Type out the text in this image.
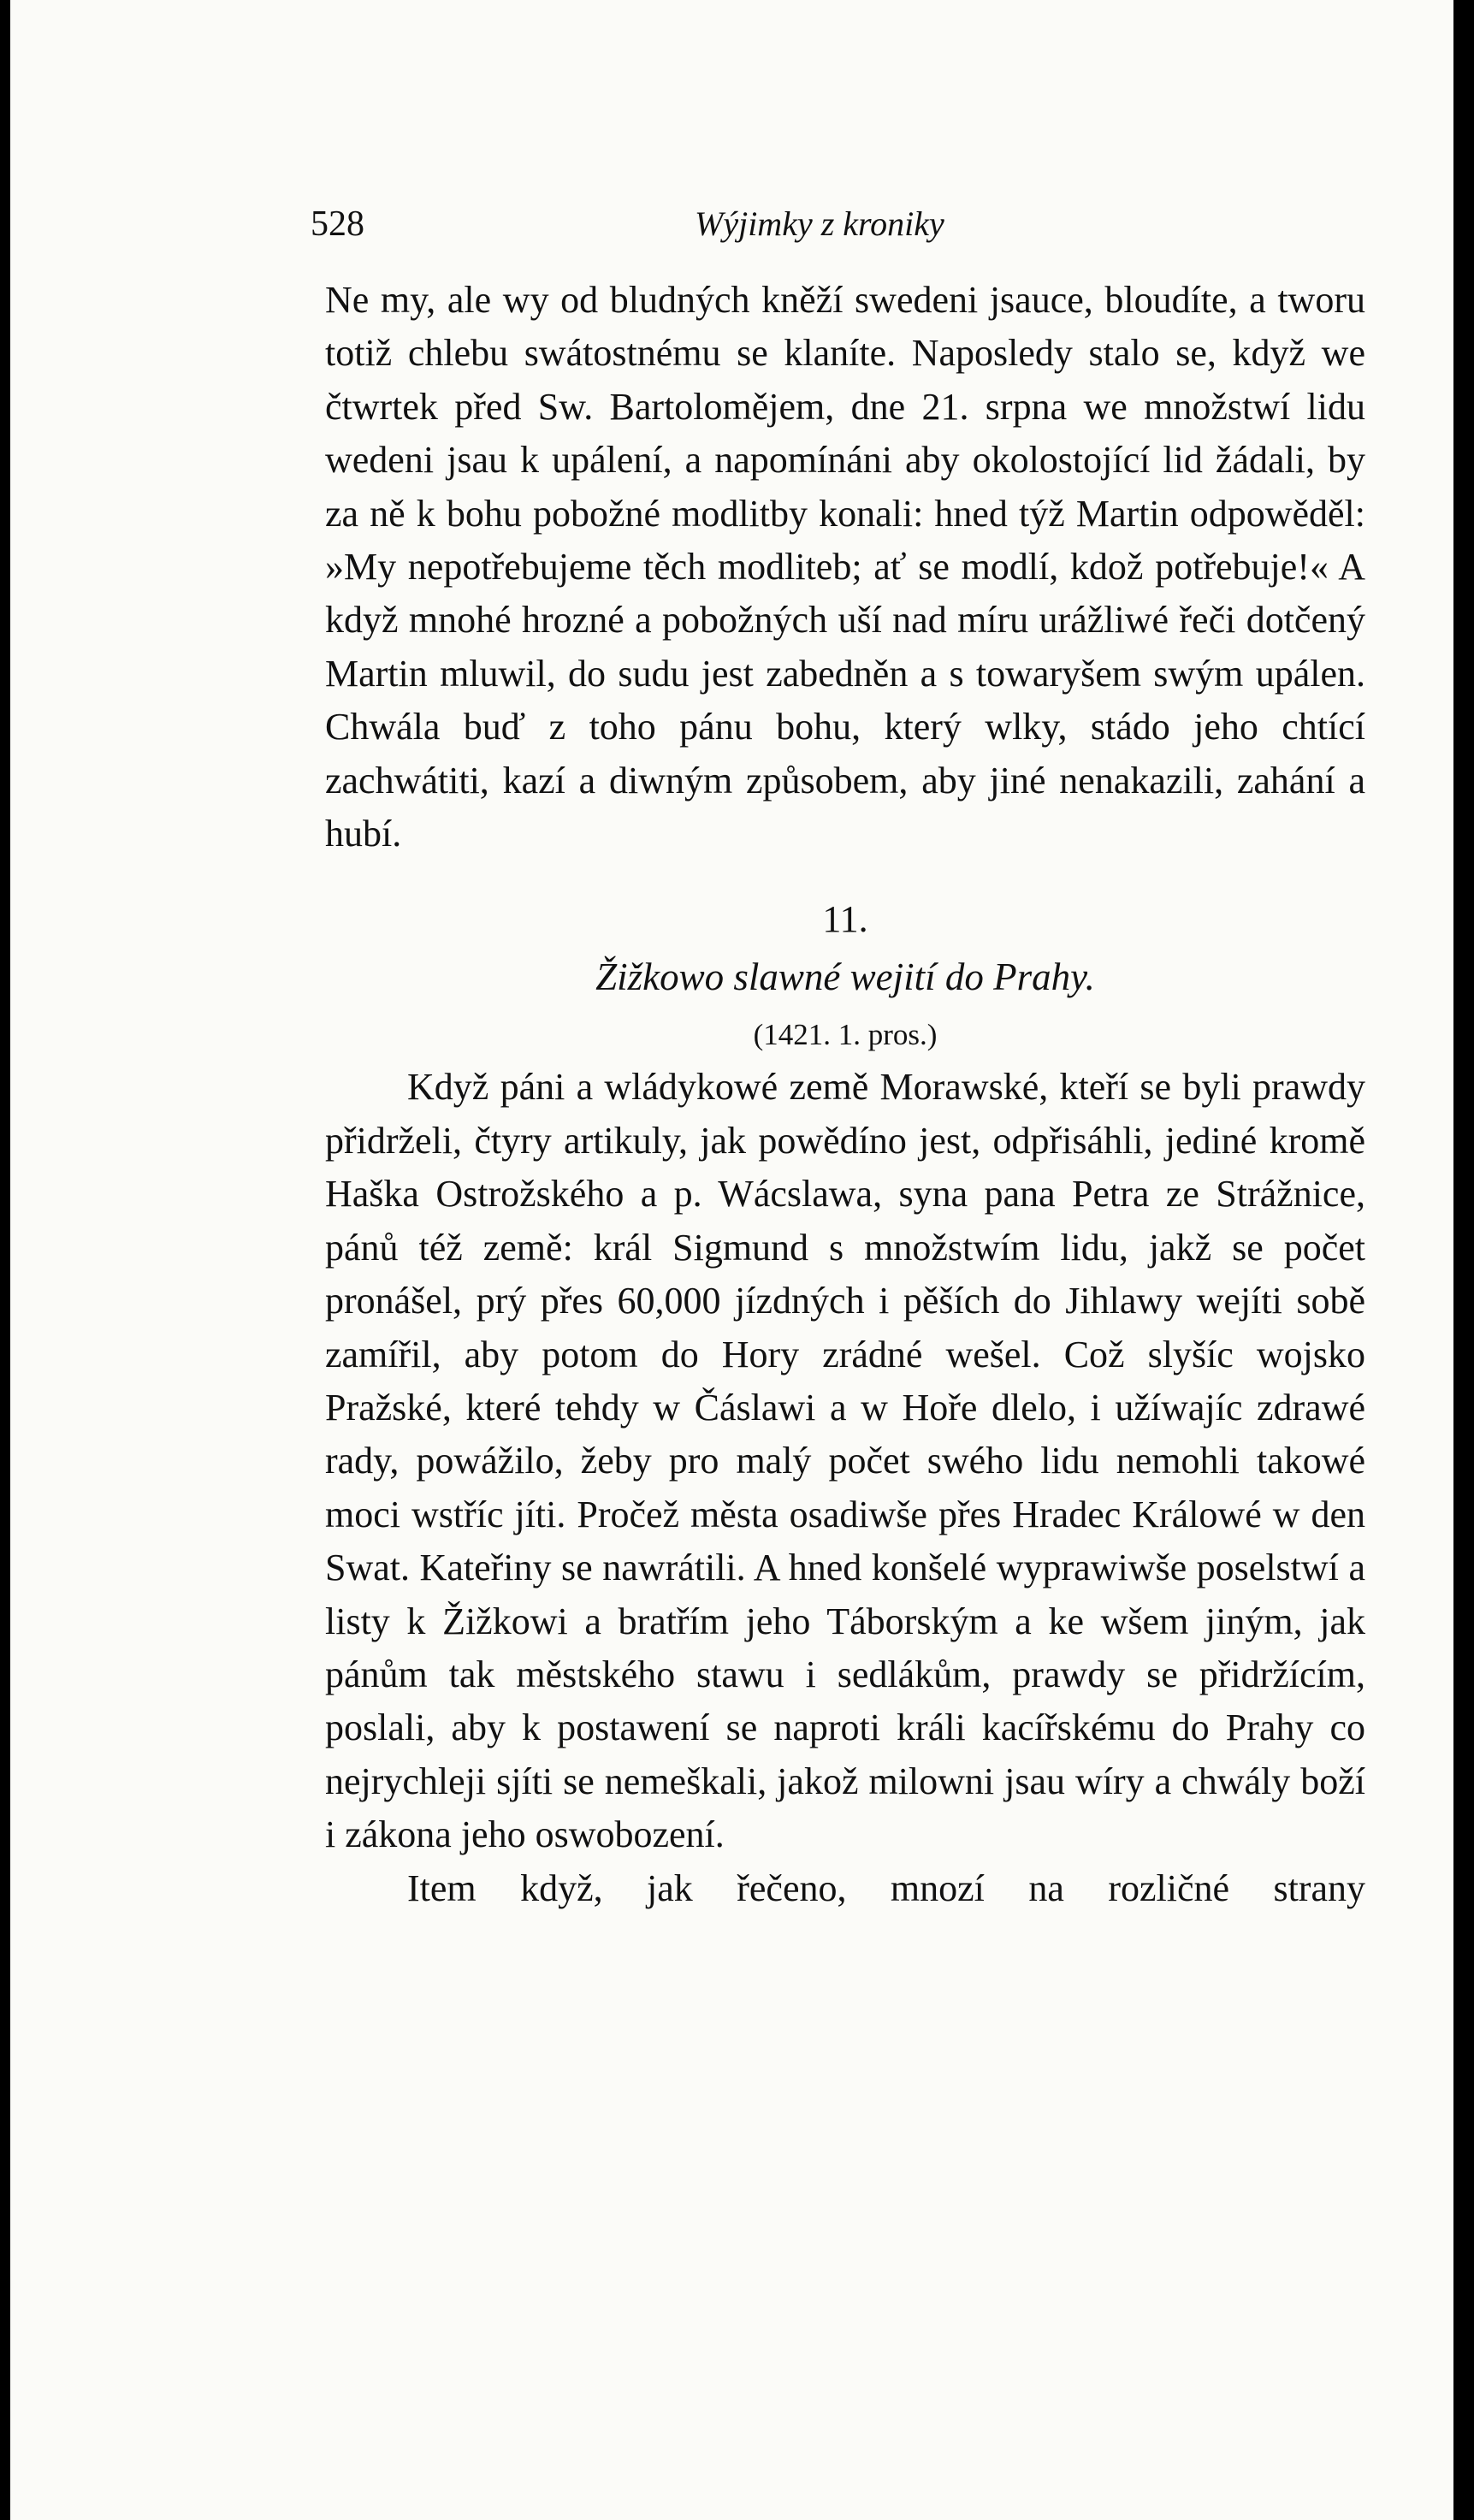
528	Wýjimky z kroniky

Ne my, ale wy od bludných kněží swedeni jsauce, bloudíte, a tworu totiž chlebu swátostnému se klaníte. Naposledy stalo se, když we čtwrtek před Sw. Bartolomějem, dne 21. srpna we množstwí lidu wedeni jsau k upálení, a napomínáni aby okolostojící lid žádali, by za ně k bohu pobožné modlitby konali: hned týž Martin odpowěděl: »My nepotřebujeme těch modliteb; ať se modlí, kdož potřebuje!« A když mnohé hrozné a pobožných uší nad míru urážliwé řeči dotčený Martin mluwil, do sudu jest zabedněn a s towaryšem swým upálen. Chwála buď z toho pánu bohu, který wlky, stádo jeho chtící zachwátiti, kazí a diwným způsobem, aby jiné nenakazili, zahání a hubí.

11.

Žižkowo slawné wejití do Prahy.

(1421. 1. pros.)

Když páni a wládykowé země Morawské, kteří se byli prawdy přidrželi, čtyry artikuly, jak powědíno jest, odpřisáhli, jediné kromě Haška Ostrožského a p. Wácslawa, syna pana Petra ze Strážnice, pánů též země: král Sigmund s množstwím lidu, jakž se počet pronášel, prý přes 60,000 jízdných i pěších do Jihlawy wejíti sobě zamířil, aby potom do Hory zrádné wešel. Což slyšíc wojsko Pražské, které tehdy w Čáslawi a w Hoře dlelo, i užíwajíc zdrawé rady, powážilo, žeby pro malý počet swého lidu nemohli takowé moci wstříc jíti. Pročež města osadiwše přes Hradec Králowé w den Swat. Kateřiny se nawrátili. A hned konšelé wyprawiwše poselstwí a listy k Žižkowi a bratřím jeho Táborským a ke wšem jiným, jak pánům tak městského stawu i sedlákům, prawdy se přidržícím, poslali, aby k postawení se naproti králi kacířskému do Prahy co nejrychleji sjíti se nemeškali, jakož milowni jsau wíry a chwály boží i zákona jeho oswobození.

Item když, jak řečeno, mnozí na rozličné strany
